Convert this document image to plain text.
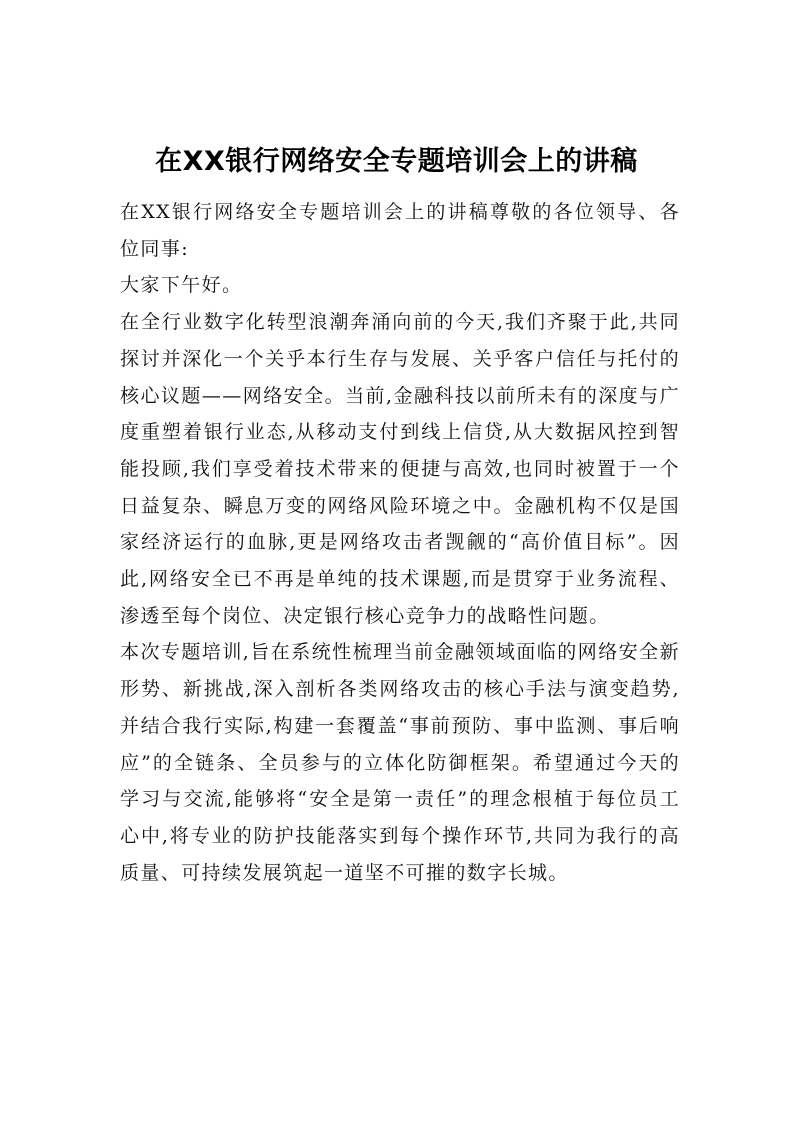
在XX银行网络安全专题培训会上的讲稿

在XX银行网络安全专题培训会上的讲稿尊敬的各位领导、各位同事:

大家下午好。

在全行业数字化转型浪潮奔涌向前的今天,我们齐聚于此,共同探讨并深化一个关乎本行生存与发展、关乎客户信任与托付的核心议题——网络安全。当前,金融科技以前所未有的深度与广度重塑着银行业态,从移动支付到线上信贷,从大数据风控到智能投顾,我们享受着技术带来的便捷与高效,也同时被置于一个日益复杂、瞬息万变的网络风险环境之中。金融机构不仅是国家经济运行的血脉,更是网络攻击者觊觎的“高价值目标”。因此,网络安全已不再是单纯的技术课题,而是贯穿于业务流程、渗透至每个岗位、决定银行核心竞争力的战略性问题。

本次专题培训,旨在系统性梳理当前金融领域面临的网络安全新形势、新挑战,深入剖析各类网络攻击的核心手法与演变趋势,并结合我行实际,构建一套覆盖“事前预防、事中监测、事后响应”的全链条、全员参与的立体化防御框架。希望通过今天的学习与交流,能够将“安全是第一责任”的理念根植于每位员工心中,将专业的防护技能落实到每个操作环节,共同为我行的高质量、可持续发展筑起一道坚不可摧的数字长城。
